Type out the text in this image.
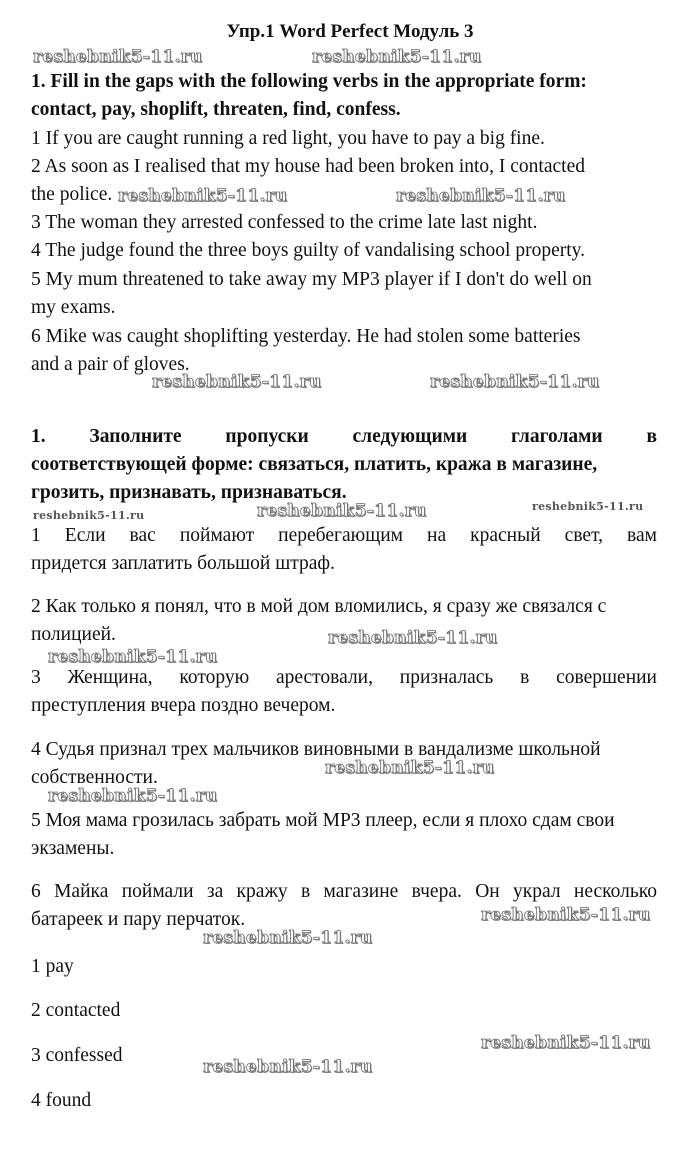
Упр.1 Word Perfect Модуль 3
1. Fill in the gaps with the following verbs in the appropriate form:
contact, pay, shoplift, threaten, find, confess.
1 If you are caught running a red light, you have to pay a big fine.
2 As soon as I realised that my house had been broken into, I contacted
the police.
3 The woman they arrested confessed to the crime late last night.
4 The judge found the three boys guilty of vandalising school property.
5 My mum threatened to take away my MP3 player if I don't do well on
my exams.
6 Mike was caught shoplifting yesterday. He had stolen some batteries
and a pair of gloves.
1. Заполните пропуски следующими глаголами в
соответствующей форме: связаться, платить, кража в магазине,
грозить, признавать, признаваться.
1 Если вас поймают перебегающим на красный свет, вам
придется заплатить большой штраф.
2 Как только я понял, что в мой дом вломились, я сразу же связался с
полицией.
3 Женщина, которую арестовали, призналась в совершении
преступления вчера поздно вечером.
4 Судья признал трех мальчиков виновными в вандализме школьной
собственности.
5 Моя мама грозилась забрать мой MP3 плеер, если я плохо сдам свои
экзамены.
6 Майка поймали за кражу в магазине вчера. Он украл несколько
батареек и пару перчаток.
1 pay
2 contacted
3 confessed
4 found
reshebnik5-11.ru	reshebnik5-11.ru
reshebnik5-11.ru	reshebnik5-11.ru
reshebnik5-11.ru	reshebnik5-11.ru
reshebnik5-11.ru	reshebnik5-11.ru	reshebnik5-11.ru
reshebnik5-11.ru
reshebnik5-11.ru
reshebnik5-11.ru
reshebnik5-11.ru
reshebnik5-11.ru
reshebnik5-11.ru
reshebnik5-11.ru
reshebnik5-11.ru
